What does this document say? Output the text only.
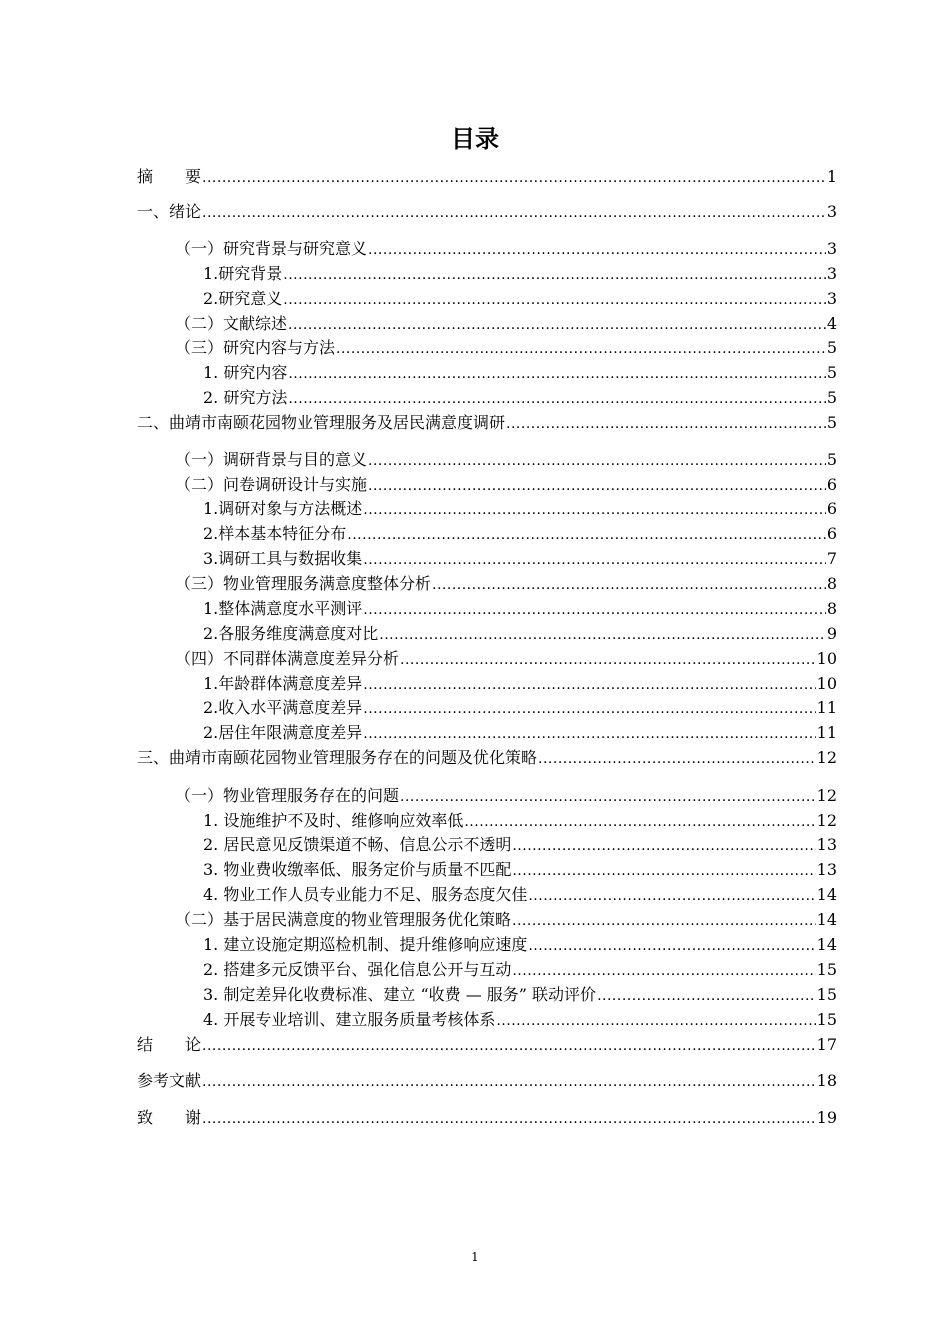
目录
摘　　要 .....	1
一、绪论 .....	3
（一）研究背景与研究意义 .....	3
1.研究背景 .....	3
2.研究意义 .....	3
（二）文献综述 .....	4
（三）研究内容与方法 .....	5
1. 研究内容 .....	5
2. 研究方法 .....	5
二、曲靖市南颐花园物业管理服务及居民满意度调研 .....	5
（一）调研背景与目的意义 .....	5
（二）问卷调研设计与实施 .....	6
1.调研对象与方法概述 .....	6
2.样本基本特征分布 .....	6
3.调研工具与数据收集 .....	7
（三）物业管理服务满意度整体分析 .....	8
1.整体满意度水平测评 .....	8
2.各服务维度满意度对比 .....	9
（四）不同群体满意度差异分析 .....	10
1.年龄群体满意度差异 .....	10
2.收入水平满意度差异 .....	11
2.居住年限满意度差异 .....	11
三、曲靖市南颐花园物业管理服务存在的问题及优化策略 .....	12
（一）物业管理服务存在的问题 .....	12
1. 设施维护不及时、维修响应效率低 .....	12
2. 居民意见反馈渠道不畅、信息公示不透明 .....	13
3. 物业费收缴率低、服务定价与质量不匹配 .....	13
4. 物业工作人员专业能力不足、服务态度欠佳 .....	14
（二）基于居民满意度的物业管理服务优化策略 .....	14
1. 建立设施定期巡检机制、提升维修响应速度 .....	14
2. 搭建多元反馈平台、强化信息公开与互动 .....	15
3. 制定差异化收费标准、建立 “收费 — 服务” 联动评价 .....	15
4. 开展专业培训、建立服务质量考核体系 .....	15
结　　论 .....	17
参考文献 .....	18
致　　谢 .....	19
1
